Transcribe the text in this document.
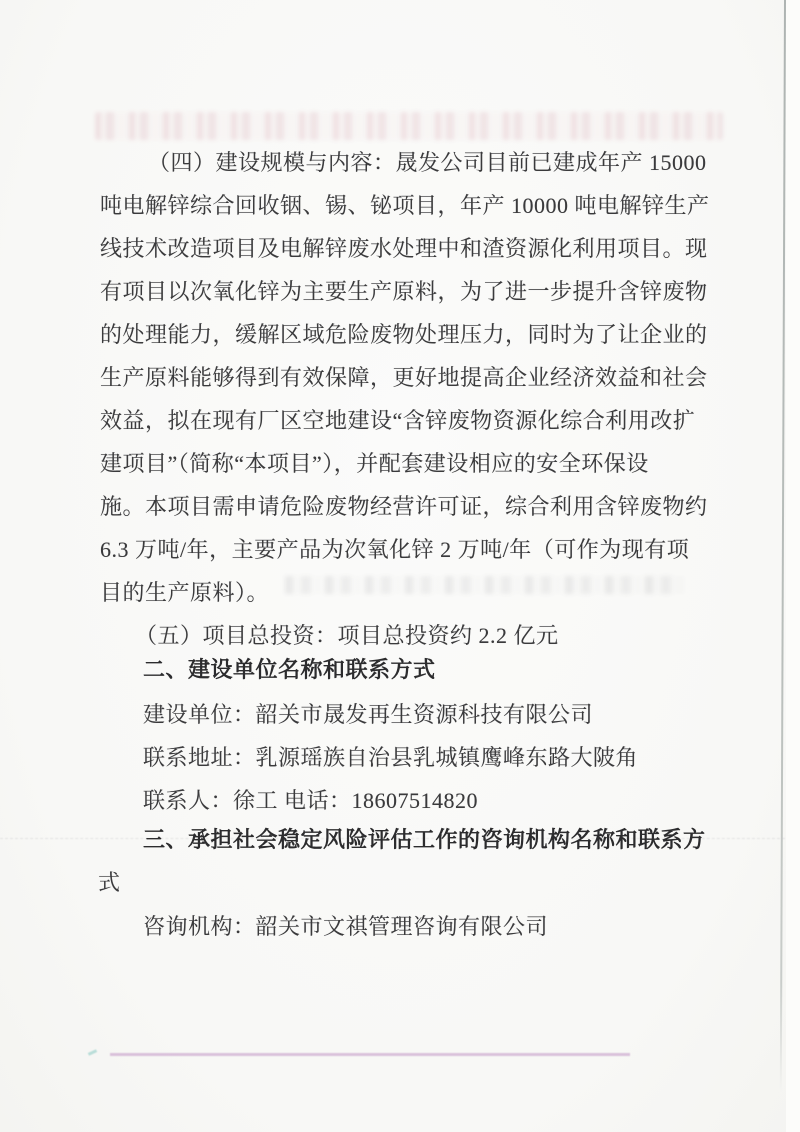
（四）建设规模与内容：晟发公司目前已建成年产 15000
吨电解锌综合回收铟、锡、铋项目，年产 10000 吨电解锌生产
线技术改造项目及电解锌废水处理中和渣资源化利用项目。现
有项目以次氧化锌为主要生产原料，为了进一步提升含锌废物
的处理能力，缓解区域危险废物处理压力，同时为了让企业的
生产原料能够得到有效保障，更好地提高企业经济效益和社会
效益，拟在现有厂区空地建设“含锌废物资源化综合利用改扩
建项目”（简称“本项目”），并配套建设相应的安全环保设
施。本项目需申请危险废物经营许可证，综合利用含锌废物约
6.3 万吨/年，主要产品为次氧化锌 2 万吨/年（可作为现有项
目的生产原料）。
（五）项目总投资：项目总投资约 2.2 亿元
二、建设单位名称和联系方式
建设单位：韶关市晟发再生资源科技有限公司
联系地址：乳源瑶族自治县乳城镇鹰峰东路大陂角
联系人：徐工 电话：18607514820
三、承担社会稳定风险评估工作的咨询机构名称和联系方
式
咨询机构：韶关市文祺管理咨询有限公司
